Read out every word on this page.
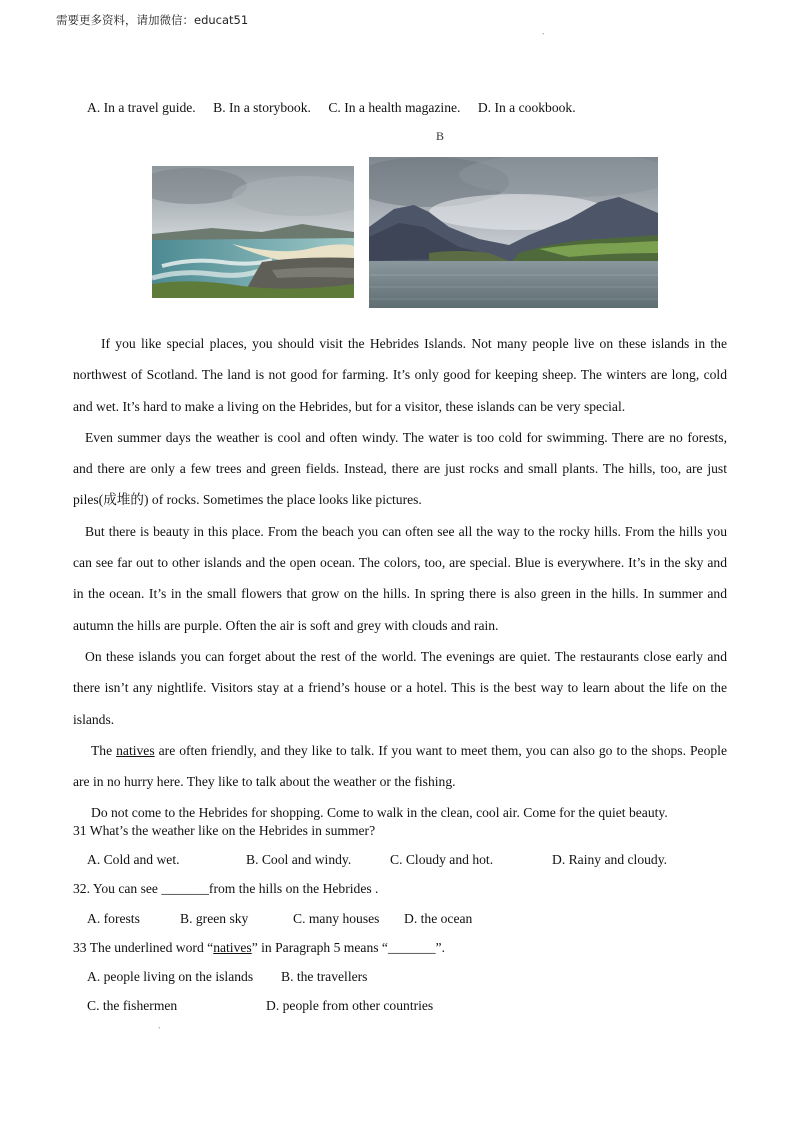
需要更多资料，请加微信：educat51
`
A. In a travel guide. B. In a storybook. C. In a health magazine. D. In a cookbook.
B

If you like special places, you should visit the Hebrides Islands. Not many people live on these islands in the northwest of Scotland. The land is not good for farming. It’s only good for keeping sheep. The winters are long, cold and wet. It’s hard to make a living on the Hebrides, but for a visitor, these islands can be very special.

Even summer days the weather is cool and often windy. The water is too cold for swimming. There are no forests, and there are only a few trees and green fields. Instead, there are just rocks and small plants. The hills, too, are just piles(成堆的) of rocks. Sometimes the place looks like pictures.

But there is beauty in this place. From the beach you can often see all the way to the rocky hills. From the hills you can see far out to other islands and the open ocean. The colors, too, are special. Blue is everywhere. It’s in the sky and in the ocean. It’s in the small flowers that grow on the hills. In spring there is also green in the hills. In summer and autumn the hills are purple. Often the air is soft and grey with clouds and rain.

On these islands you can forget about the rest of the world. The evenings are quiet. The restaurants close early and there isn’t any nightlife. Visitors stay at a friend’s house or a hotel. This is the best way to learn about the life on the islands.

The natives are often friendly, and they like to talk. If you want to meet them, you can also go to the shops. People are in no hurry here. They like to talk about the weather or the fishing.

Do not come to the Hebrides for shopping. Come to walk in the clean, cool air. Come for the quiet beauty.

31 What’s the weather like on the Hebrides in summer?
A. Cold and wet.	B. Cool and windy.	C. Cloudy and hot.	D. Rainy and cloudy.
32. You can see _______from the hills on the Hebrides .
A. forests	B. green sky	C. many houses D. the ocean
33 The underlined word “natives” in Paragraph 5 means “_______”.
A. people living on the islands B. the travellers
C. the fishermen	D. people from other countries
`
